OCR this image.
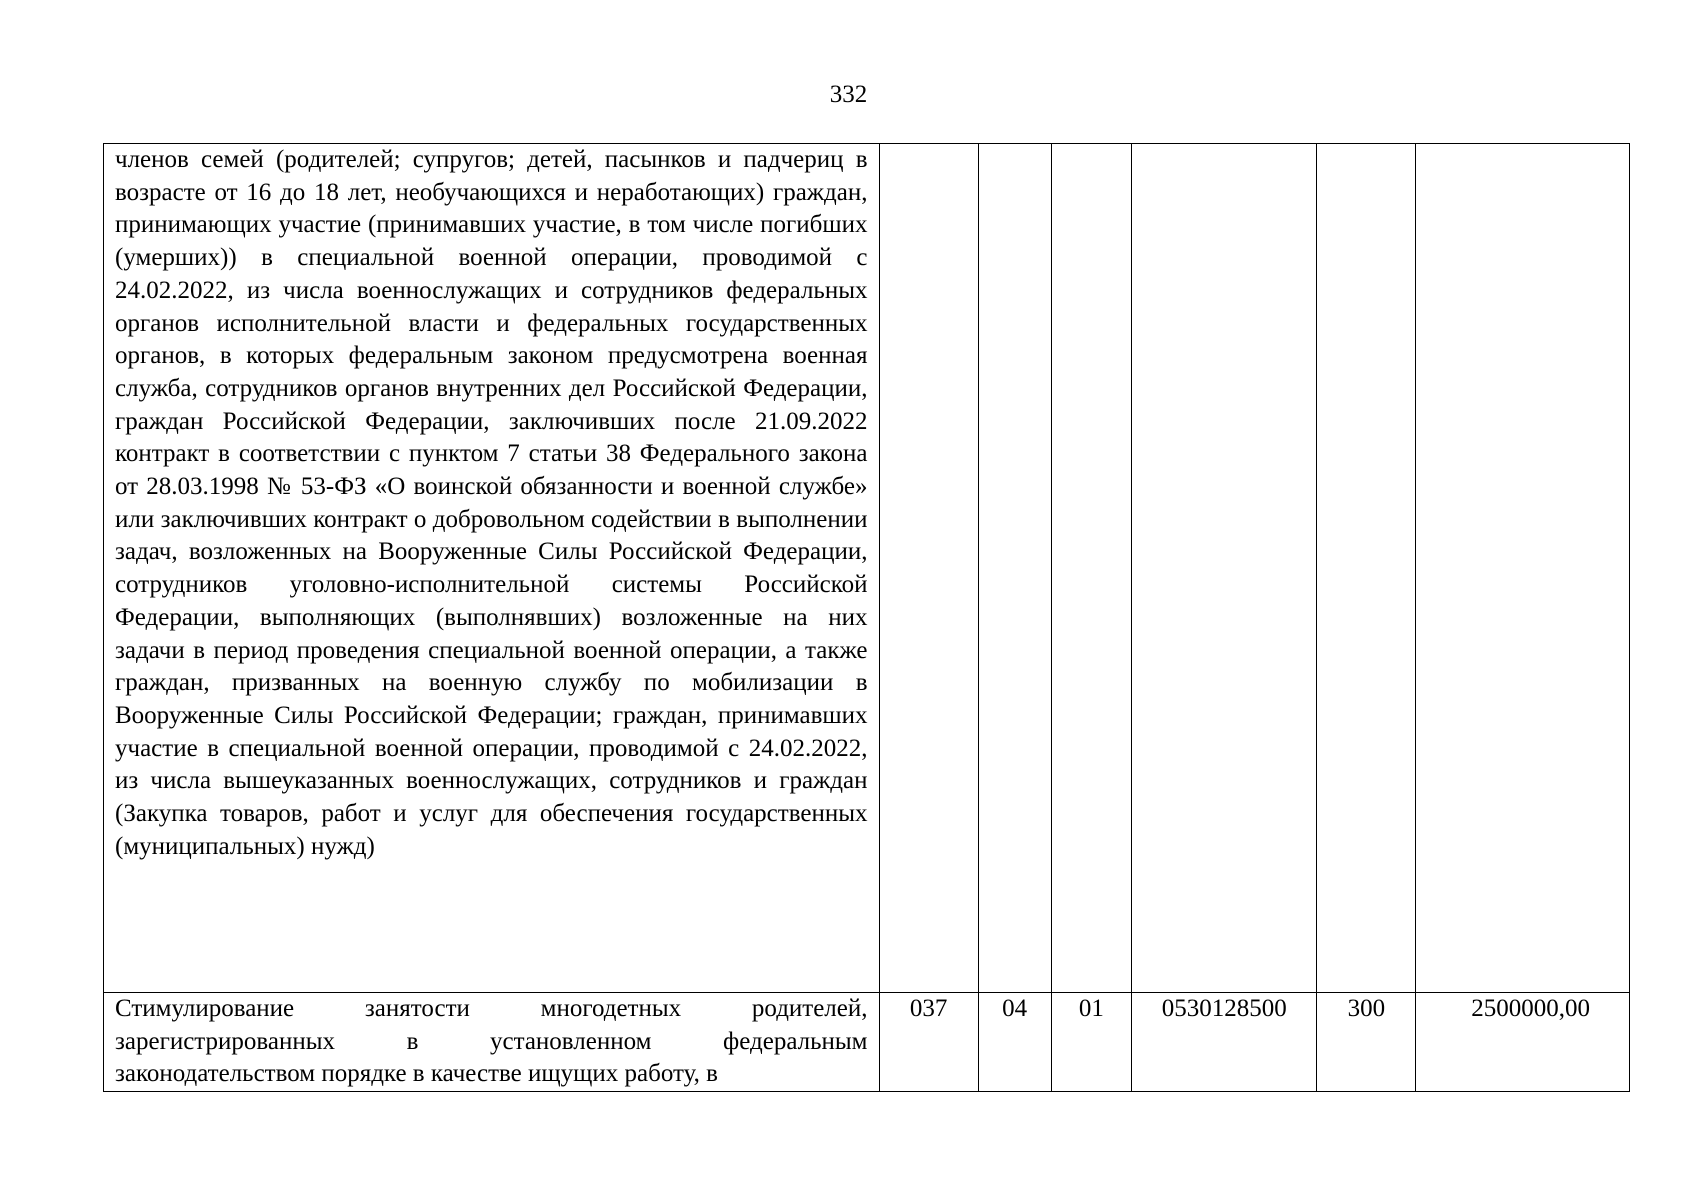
332
членов семей (родителей; супругов; детей, пасынков и падчериц в возрасте от 16 до 18 лет, необучающихся и неработающих) граждан, принимающих участие (принимавших участие, в том числе погибших (умерших)) в специальной военной операции, проводимой с 24.02.2022, из числа военнослужащих и сотрудников федеральных органов исполнительной власти и федеральных государственных органов, в которых федеральным законом предусмотрена военная служба, сотрудников органов внутренних дел Российской Федерации, граждан Российской Федерации, заключивших после 21.09.2022 контракт в соответствии с пунктом 7 статьи 38 Федерального закона от 28.03.1998 № 53-ФЗ «О воинской обязанности и военной службе» или заключивших контракт о добровольном содействии в выполнении задач, возложенных на Вооруженные Силы Российской Федерации, сотрудников уголовно-исполнительной системы Российской Федерации, выполняющих (выполнявших) возложенные на них задачи в период проведения специальной военной операции, а также граждан, призванных на военную службу по мобилизации в Вооруженные Силы Российской Федерации; граждан, принимавших участие в специальной военной операции, проводимой с 24.02.2022, из числа вышеуказанных военнослужащих, сотрудников и граждан (Закупка товаров, работ и услуг для обеспечения государственных (муниципальных) нужд)						

Стимулирование занятости многодетных родителей, зарегистрированных в установленном федеральным законодательством порядке в качестве ищущих работу, в	037	04	01	0530128500	300	2500000,00
